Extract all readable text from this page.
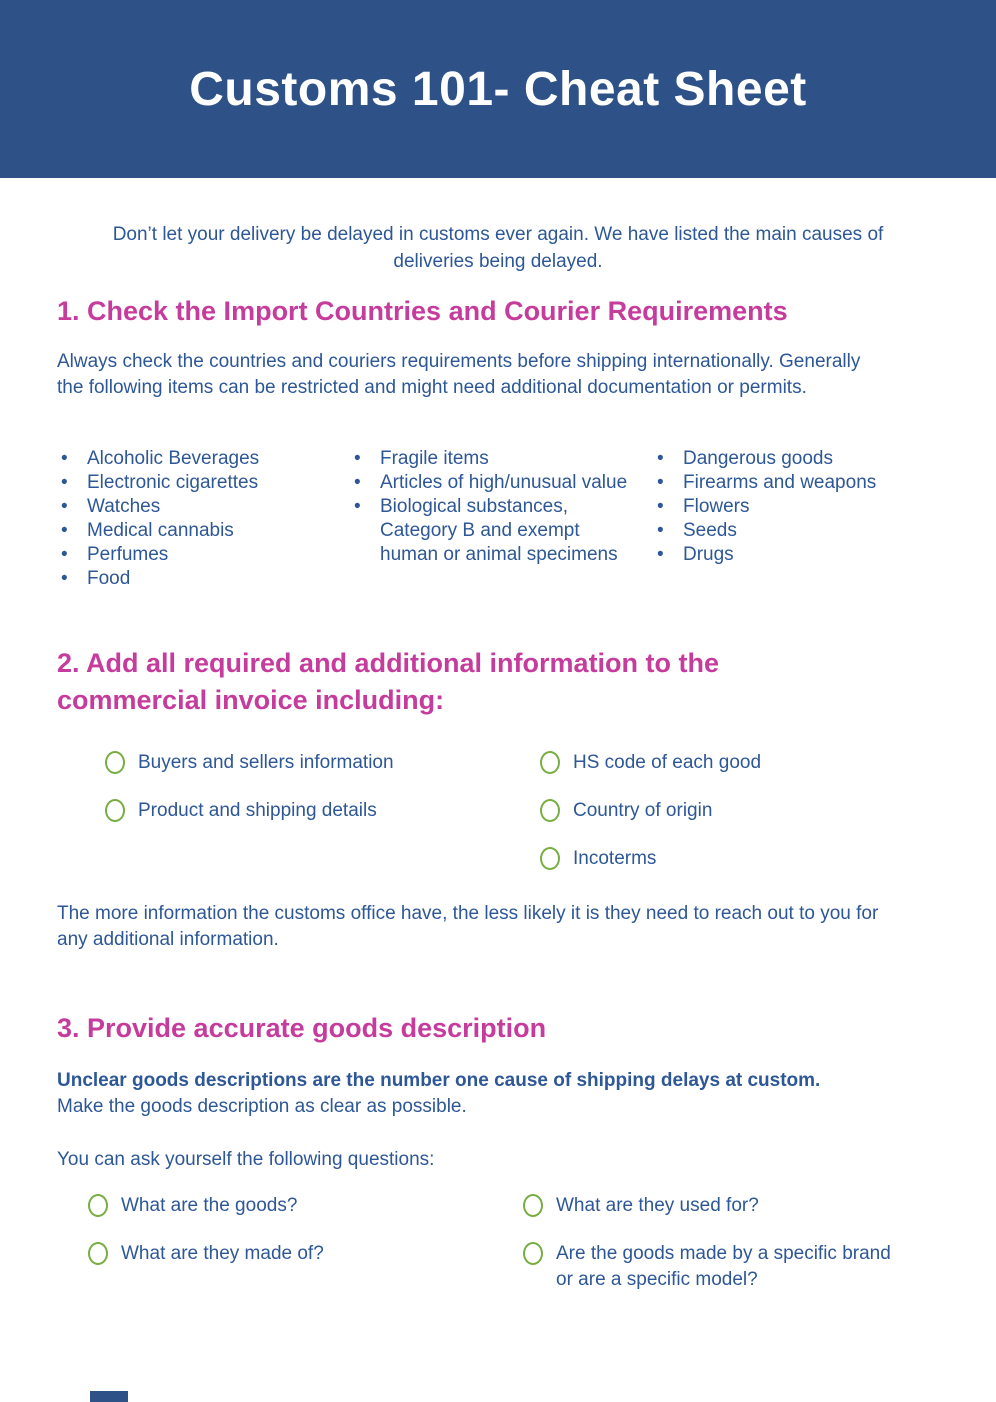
Customs 101- Cheat Sheet

Don’t let your delivery be delayed in customs ever again. We have listed the main causes of deliveries being delayed.

1. Check the Import Countries and Courier Requirements

Always check the countries and couriers requirements before shipping internationally. Generally the following items can be restricted and might need additional documentation or permits.

•
Alcoholic Beverages
•
Electronic cigarettes
•
Watches
•
Medical cannabis
•
Perfumes
•
Food
•
Fragile items
•
Articles of high/unusual value
•
Biological substances, Category B and exempt human or animal specimens
•
Dangerous goods
•
Firearms and weapons
•
Flowers
•
Seeds
•
Drugs
2. Add all required and additional information to the commercial invoice including:
Buyers and sellers information
Product and shipping details
HS code of each good
Country of origin
Incoterms

The more information the customs office have, the less likely it is they need to reach out to you for any additional information.

3. Provide accurate goods description

Unclear goods descriptions are the number one cause of shipping delays at custom.
Make the goods description as clear as possible.

You can ask yourself the following questions:

What are the goods?
What are they made of?
What are they used for?
Are the goods made by a specific brand or are a specific model?
